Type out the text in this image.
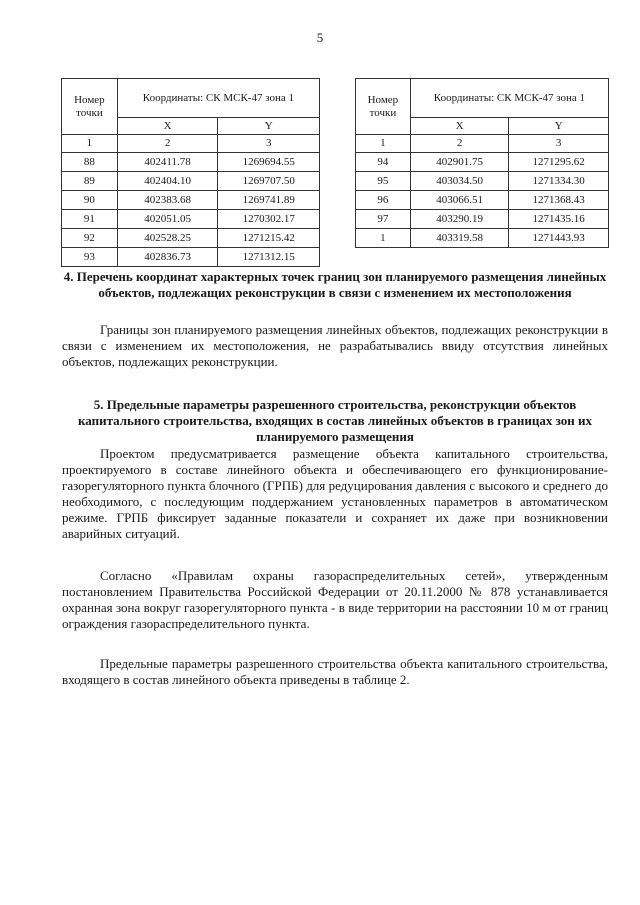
5
Номер точки	Координаты: СК МСК-47 зона 1	
	X	Y
1	2	3
88	402411.78	1269694.55
89	402404.10	1269707.50
90	402383.68	1269741.89
91	402051.05	1270302.17
92	402528.25	1271215.42
93	402836.73	1271312.15
Номер точки	Координаты: СК МСК-47 зона 1	
	X	Y
1	2	3
94	402901.75	1271295.62
95	403034.50	1271334.30
96	403066.51	1271368.43
97	403290.19	1271435.16
1	403319.58	1271443.93
4. Перечень координат характерных точек границ зон планируемого размещения линейных объектов, подлежащих реконструкции в связи с изменением их местоположения
Границы зон планируемого размещения линейных объектов, подлежащих реконструкции в связи с изменением их местоположения, не разрабатывались ввиду отсутствия линейных объектов, подлежащих реконструкции.
5. Предельные параметры разрешенного строительства, реконструкции объектов капитального строительства, входящих в состав линейных объектов в границах зон их планируемого размещения
Проектом предусматривается размещение объекта капитального строительства, проектируемого в составе линейного объекта и обеспечивающего его функционирование-газорегуляторного пункта блочного (ГРПБ) для редуцирования давления с высокого и среднего до необходимого, с последующим поддержанием установленных параметров в автоматическом режиме. ГРПБ фиксирует заданные показатели и сохраняет их даже при возникновении аварийных ситуаций.
Согласно «Правилам охраны газораспределительных сетей», утвержденным постановлением Правительства Российской Федерации от 20.11.2000 № 878 устанавливается охранная зона вокруг газорегуляторного пункта - в виде территории на расстоянии 10 м от границ ограждения газораспределительного пункта.
Предельные параметры разрешенного строительства объекта капитального строительства, входящего в состав линейного объекта приведены в таблице 2.
